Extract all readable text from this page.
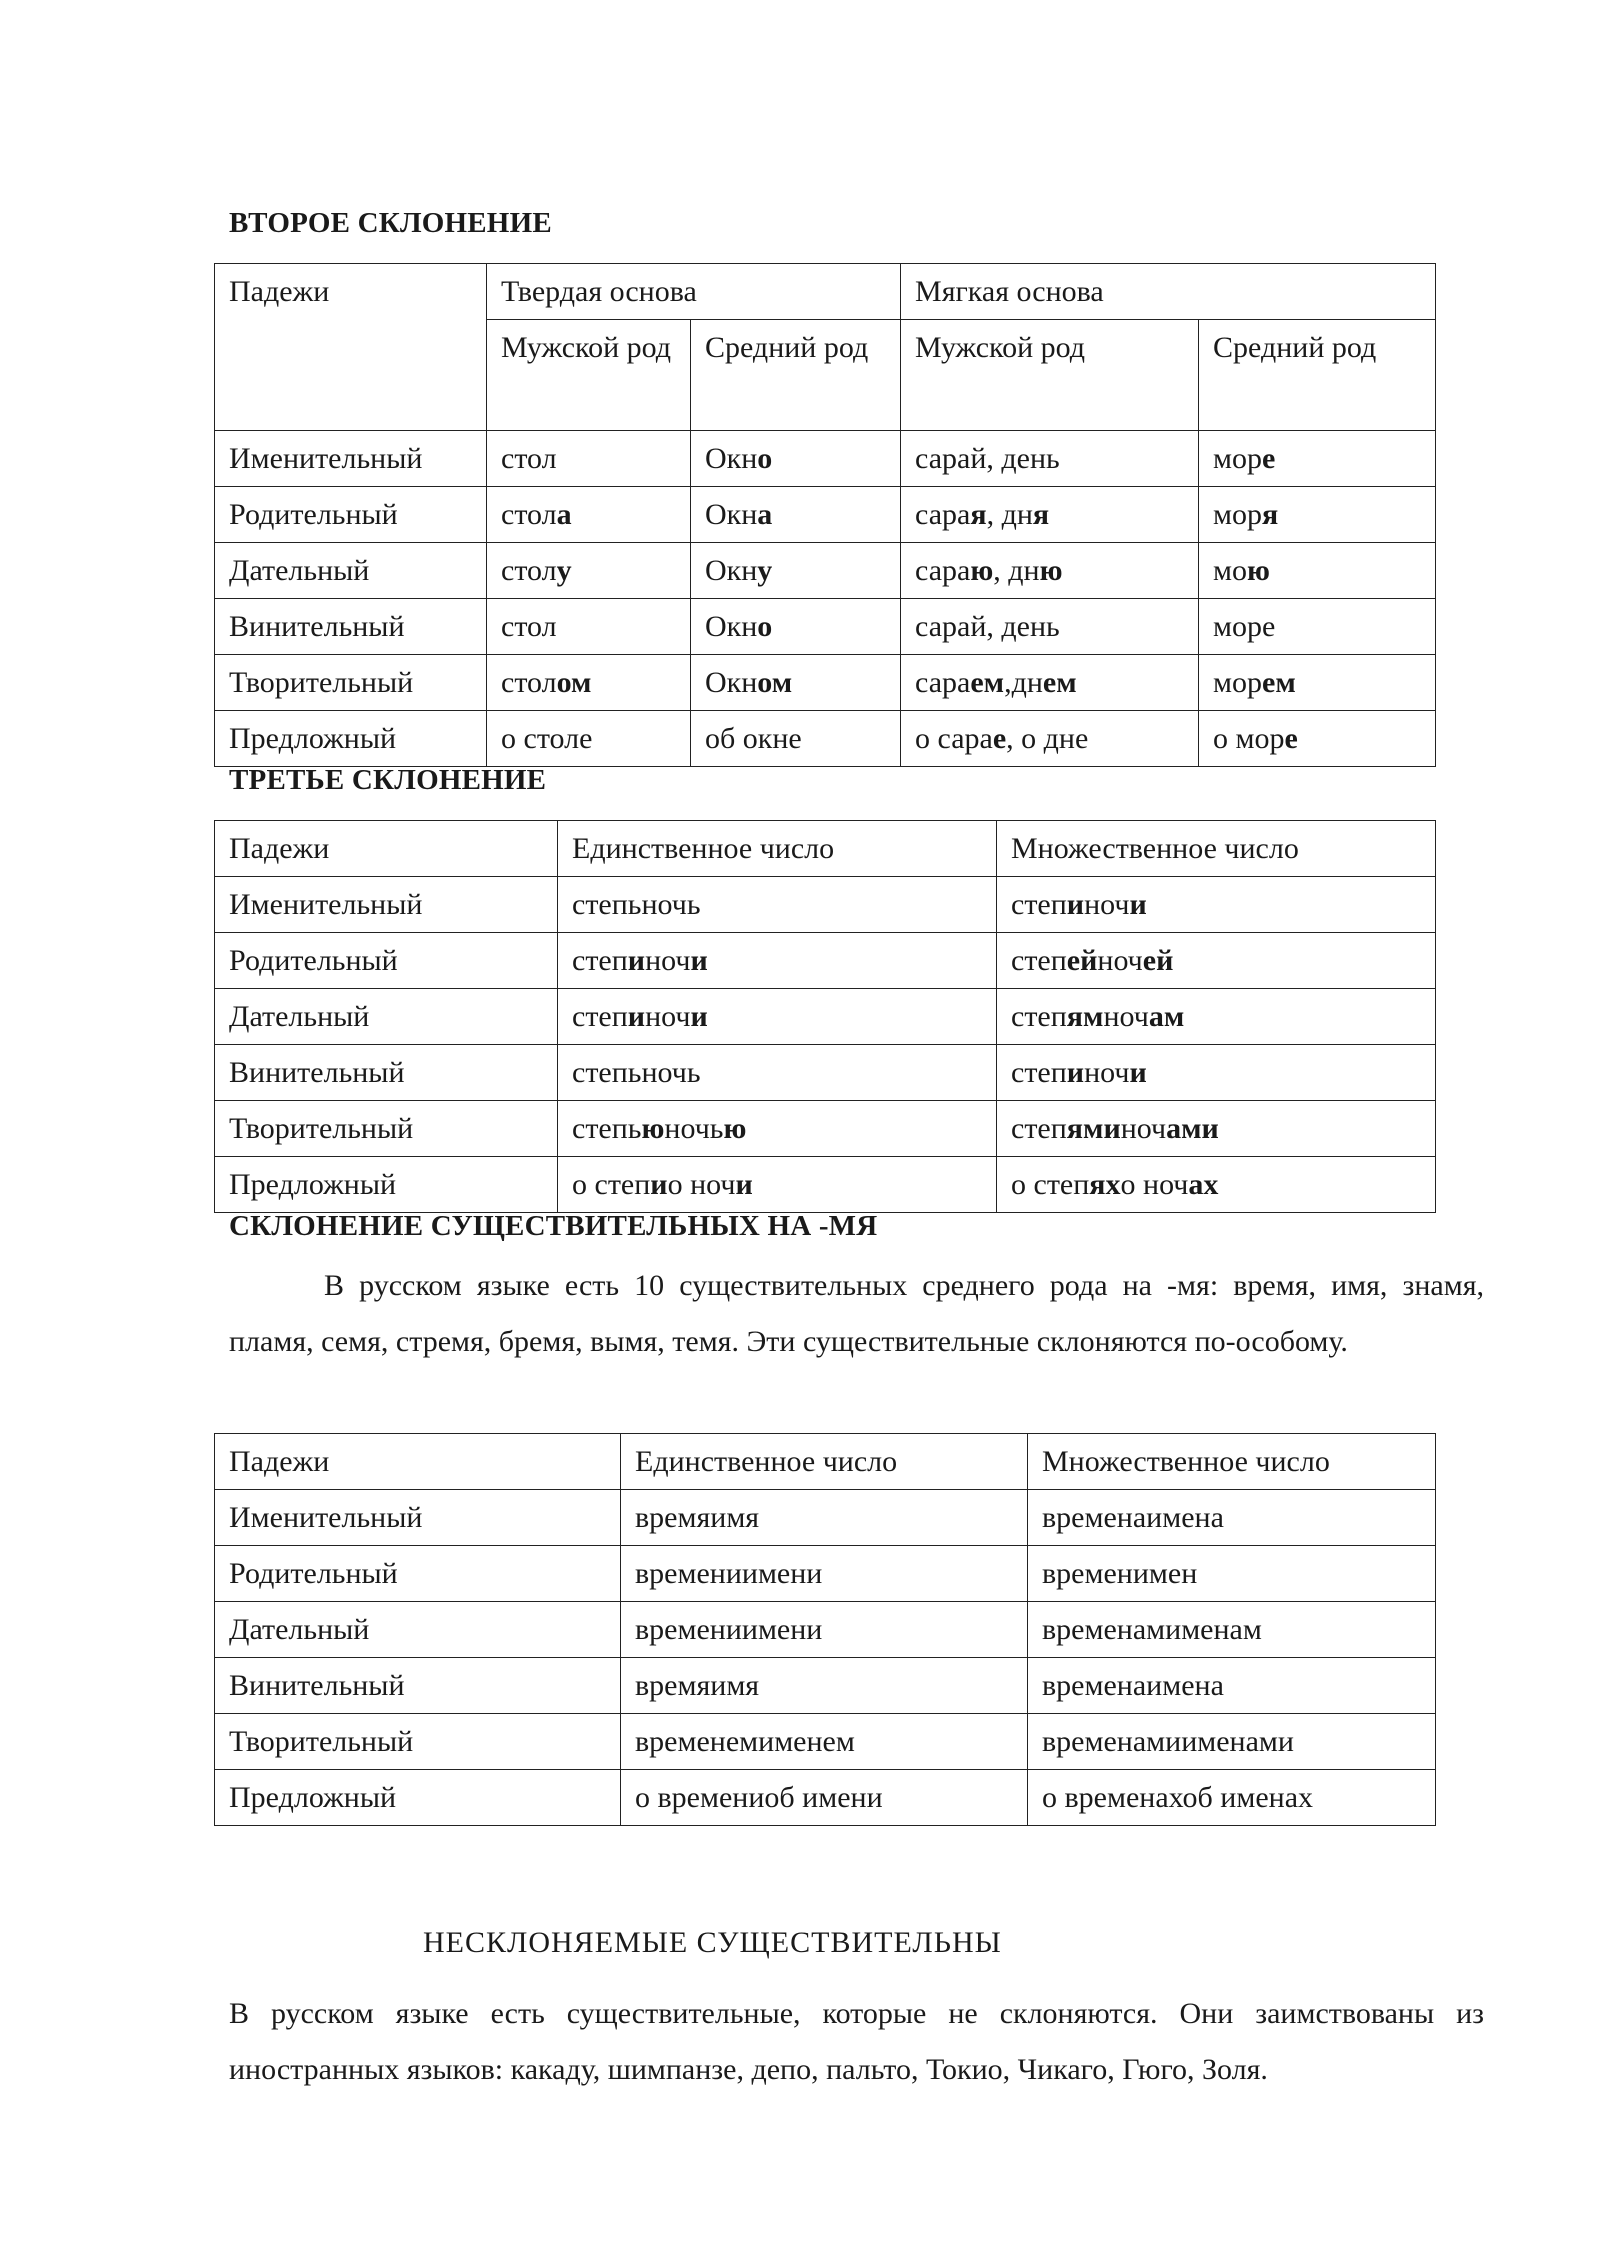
ВТОРОЕ СКЛОНЕНИЕ
Падежи	Твердая основа		Мягкая основа	
	Мужской род	Средний род	Мужской род	Средний род
Именительный	стол	Окно	сарай, день	море
Родительный	стола	Окна	сарая, дня	моря
Дательный	столу	Окну	сараю, дню	мою
Винительный	стол	Окно	сарай, день	море
Творительный	столом	Окном	сараем,днем	морем
Предложный	о столе	об окне	о сарае, о дне	о море
ТРЕТЬЕ СКЛОНЕНИЕ
Падежи	Единственное число	Множественное число
Именительный	степьночь	степиночи
Родительный	степиночи	степейночей
Дательный	степиночи	степямночам
Винительный	степьночь	степиночи
Творительный	степьюночью	степяминочами
Предложный	о степио ночи	о степяхо ночах
СКЛОНЕНИЕ СУЩЕСТВИТЕЛЬНЫХ НА -МЯ
В русском языке есть 10 существительных среднего рода на -мя: время, имя, знамя, пламя, семя, стремя, бремя, вымя, темя. Эти существительные склоняются по-особому.
Падежи	Единственное число	Множественное число
Именительный	времяимя	временаимена
Родительный	времениимени	временимен
Дательный	времениимени	временамименам
Винительный	времяимя	временаимена
Творительный	временемименем	временамиименами
Предложный	о времениоб имени	о временахоб именах
НЕСКЛОНЯЕМЫЕ СУЩЕСТВИТЕЛЬНЫ
В русском языке есть существительные, которые не склоняются. Они заимствованы из иностранных языков: какаду, шимпанзе, депо, пальто, Токио, Чикаго, Гюго, Золя.
